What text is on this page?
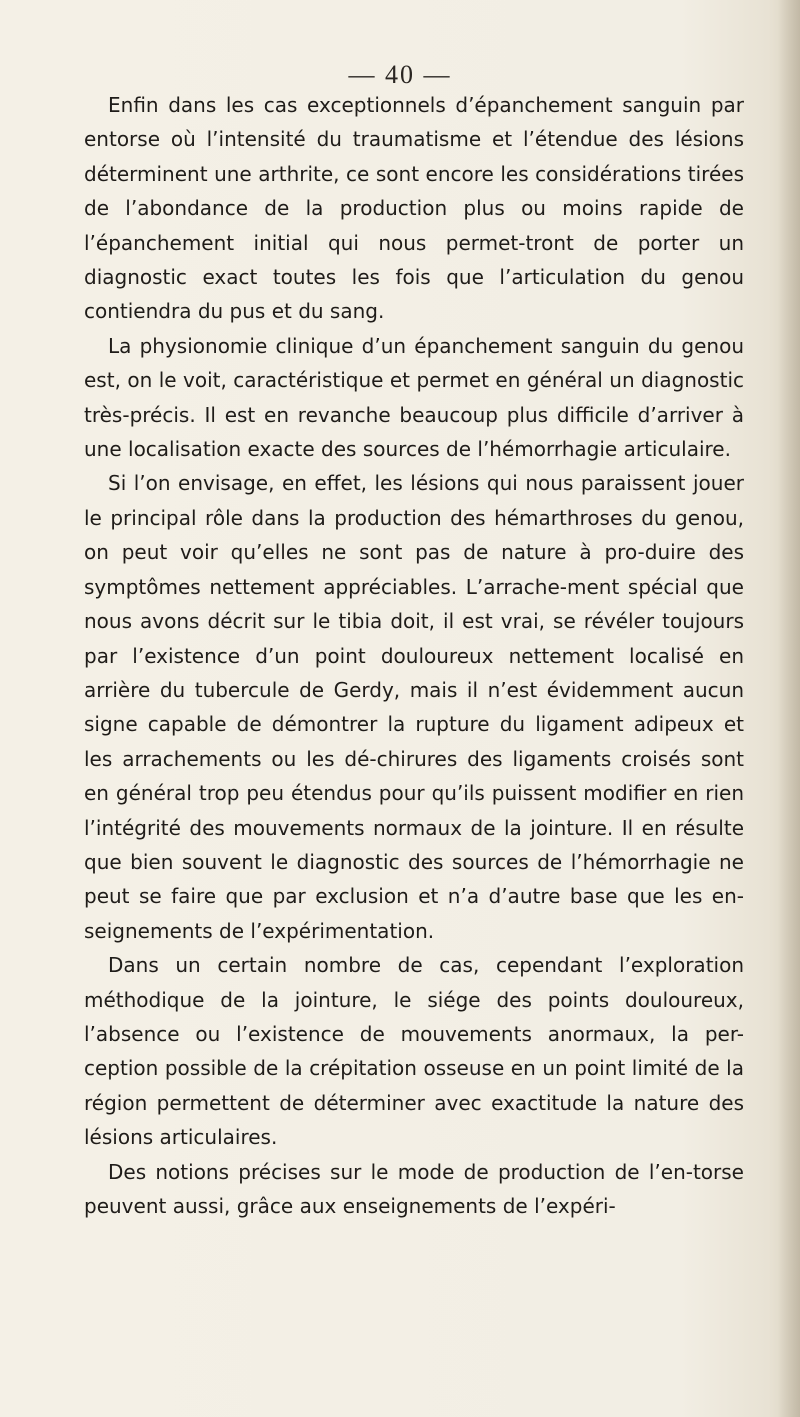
— 40 —

Enfin dans les cas exceptionnels d’épanchement sanguin par entorse où l’intensité du traumatisme et l’étendue des lésions déterminent une arthrite, ce sont encore les considérations tirées de l’abondance de la production plus ou moins rapide de l’épanchement initial qui nous permet-tront de porter un diagnostic exact toutes les fois que l’articulation du genou contiendra du pus et du sang.

La physionomie clinique d’un épanchement sanguin du genou est, on le voit, caractéristique et permet en général un diagnostic très-précis. Il est en revanche beaucoup plus difficile d’arriver à une localisation exacte des sources de l’hémorrhagie articulaire.

Si l’on envisage, en effet, les lésions qui nous paraissent jouer le principal rôle dans la production des hémarthroses du genou, on peut voir qu’elles ne sont pas de nature à pro-duire des symptômes nettement appréciables. L’arrache-ment spécial que nous avons décrit sur le tibia doit, il est vrai, se révéler toujours par l’existence d’un point douloureux nettement localisé en arrière du tubercule de Gerdy, mais il n’est évidemment aucun signe capable de démontrer la rupture du ligament adipeux et les arrachements ou les dé-chirures des ligaments croisés sont en général trop peu étendus pour qu’ils puissent modifier en rien l’intégrité des mouvements normaux de la jointure. Il en résulte que bien souvent le diagnostic des sources de l’hémorrhagie ne peut se faire que par exclusion et n’a d’autre base que les en-seignements de l’expérimentation.

Dans un certain nombre de cas, cependant l’exploration méthodique de la jointure, le siége des points douloureux, l’absence ou l’existence de mouvements anormaux, la per-ception possible de la crépitation osseuse en un point limité de la région permettent de déterminer avec exactitude la nature des lésions articulaires.

Des notions précises sur le mode de production de l’en-torse peuvent aussi, grâce aux enseignements de l’expéri-
